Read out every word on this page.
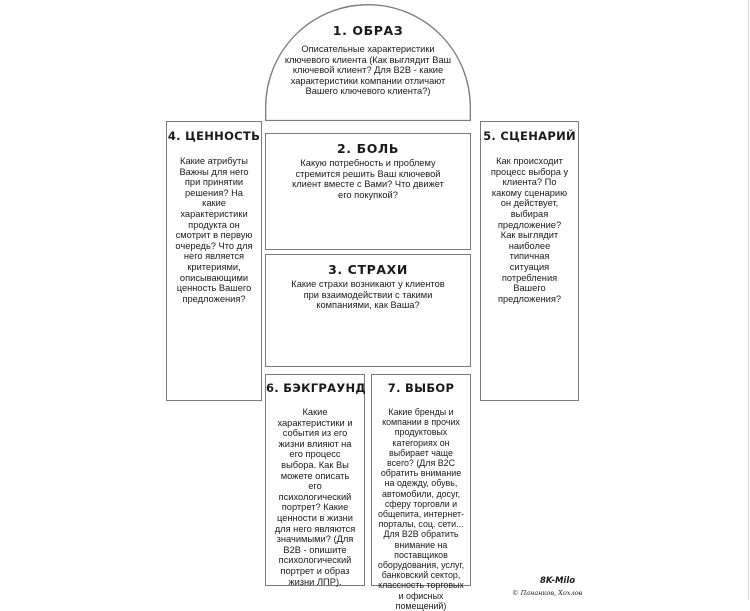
1. ОБРАЗ
Описательные характеристики ключевого клиента (Как выглядит Ваш ключевой клиент? Для B2B - какие характеристики компании отличают Вашего ключевого клиента?)
4. ЦЕННОСТЬ
Какие атрибуты Важны для него при принятии решения? На какие характеристики продукта он смотрит в первую очередь? Что для него является критериями, описывающими ценность Вашего предложения?
2. БОЛЬ
Какую потребность и проблему стремится решить Ваш ключевой клиент вместе с Вами? Что движет его покупкой?
5. СЦЕНАРИЙ
Как происходит процесс выбора у клиента? По какому сценарию он действует, выбирая предложение? Как выглядит наиболее типичная ситуация потребления Вашего предложения?
3. СТРАХИ
Какие страхи возникают у клиентов при взаимодействии с такими компаниями, как Ваша?
6. БЭКГРАУНД
Какие характеристики и события из его жизни влияют на его процесс выбора. Как Вы можете описать его психологический портрет? Какие ценности в жизни для него являются значимыми? (Для B2B - опишите психологический портрет и образ жизни ЛПР).
7. ВЫБОР
Какие бренды и компании в прочих продуктовых категориях он выбирает чаще всего? (Для B2C обратить внимание на одежду, обувь, автомобили, досуг, сферу торговли и общепита, интернет-порталы, соц. сети... Для B2B обратить внимание на поставщиков оборудования, услуг, банковский сектор, классность торговых и офисных помещений)
8K-Milo
© Пананков, Хохлов
